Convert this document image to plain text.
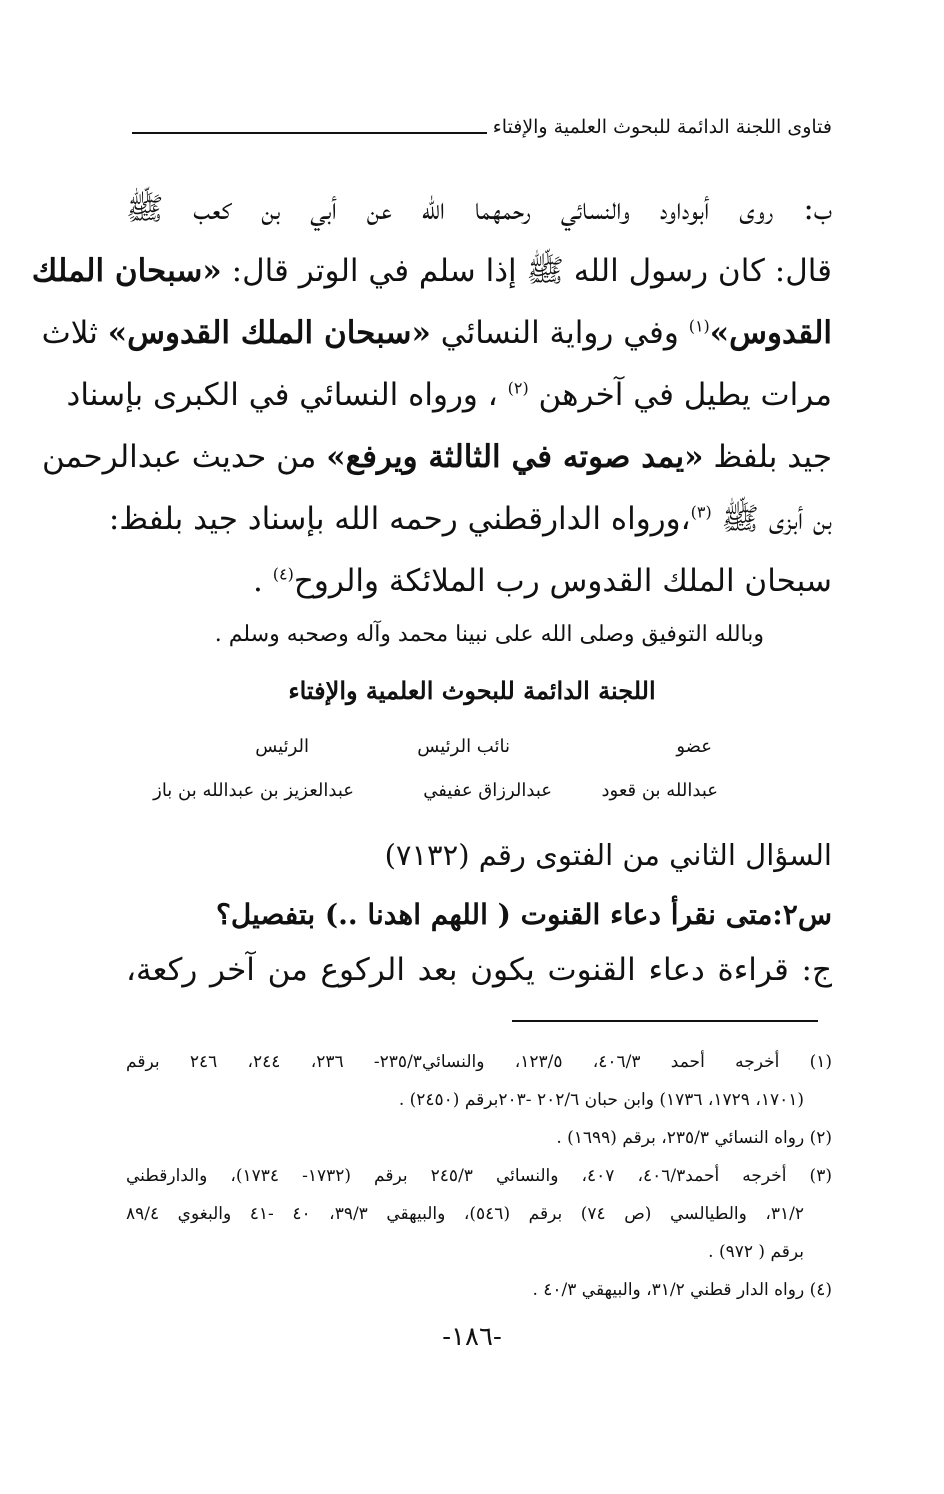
فتاوى اللجنة الدائمة للبحوث العلمية والإفتاء
ب: روى أبوداود والنسائي رحمهما الله عن أبي بن كعب ﷺ
قال: كان رسول الله ﷺ إذا سلم في الوتر قال: «سبحان الملك
القدوس»$^{(١)}$ وفي رواية النسائي «سبحان الملك القدوس» ثلاث
مرات يطيل في آخرهن $^{(٢)}$ ، ورواه النسائي في الكبرى بإسناد
جيد بلفظ «يمد صوته في الثالثة ويرفع» من حديث عبدالرحمن
بن أبزى ﷺ $^{(٣)}$،ورواه الدارقطني رحمه الله بإسناد جيد بلفظ:
سبحان الملك القدوس رب الملائكة والروح$^{(٤)}$ .
وبالله التوفيق وصلى الله على نبينا محمد وآله وصحبه وسلم .
اللجنة الدائمة للبحوث العلمية والإفتاء
عضو
نائب الرئيس
الرئيس
عبدالله بن قعود
عبدالرزاق عفيفي
عبدالعزيز بن عبدالله بن باز
السؤال الثاني من الفتوى رقم (٧١٣٢)
س٢:متى نقرأ دعاء القنوت ( اللهم اهدنا ..) بتفصيل؟
ج: قراءة دعاء القنوت يكون بعد الركوع من آخر ركعة،
(١) أخرجه أحمد ٤٠٦/٣، ١٢٣/٥، والنسائي٢٣٥/٣- ٢٣٦، ٢٤٤، ٢٤٦ برقم
(١٧٠١، ١٧٢٩، ١٧٣٦) وابن حبان ٢٠٢/٦ -٢٠٣برقم (٢٤٥٠) .
(٢) رواه النسائي ٢٣٥/٣، برقم (١٦٩٩) .
(٣) أخرجه أحمد٤٠٦/٣، ٤٠٧، والنسائي ٢٤٥/٣ برقم (١٧٣٢- ١٧٣٤)، والدارقطني
٣١/٢، والطيالسي (ص ٧٤) برقم (٥٤٦)، والبيهقي ٣٩/٣، ٤٠ -٤١ والبغوي ٨٩/٤
برقم ( ٩٧٢) .
(٤) رواه الدار قطني ٣١/٢، والبيهقي ٤٠/٣ .
-١٨٦-
